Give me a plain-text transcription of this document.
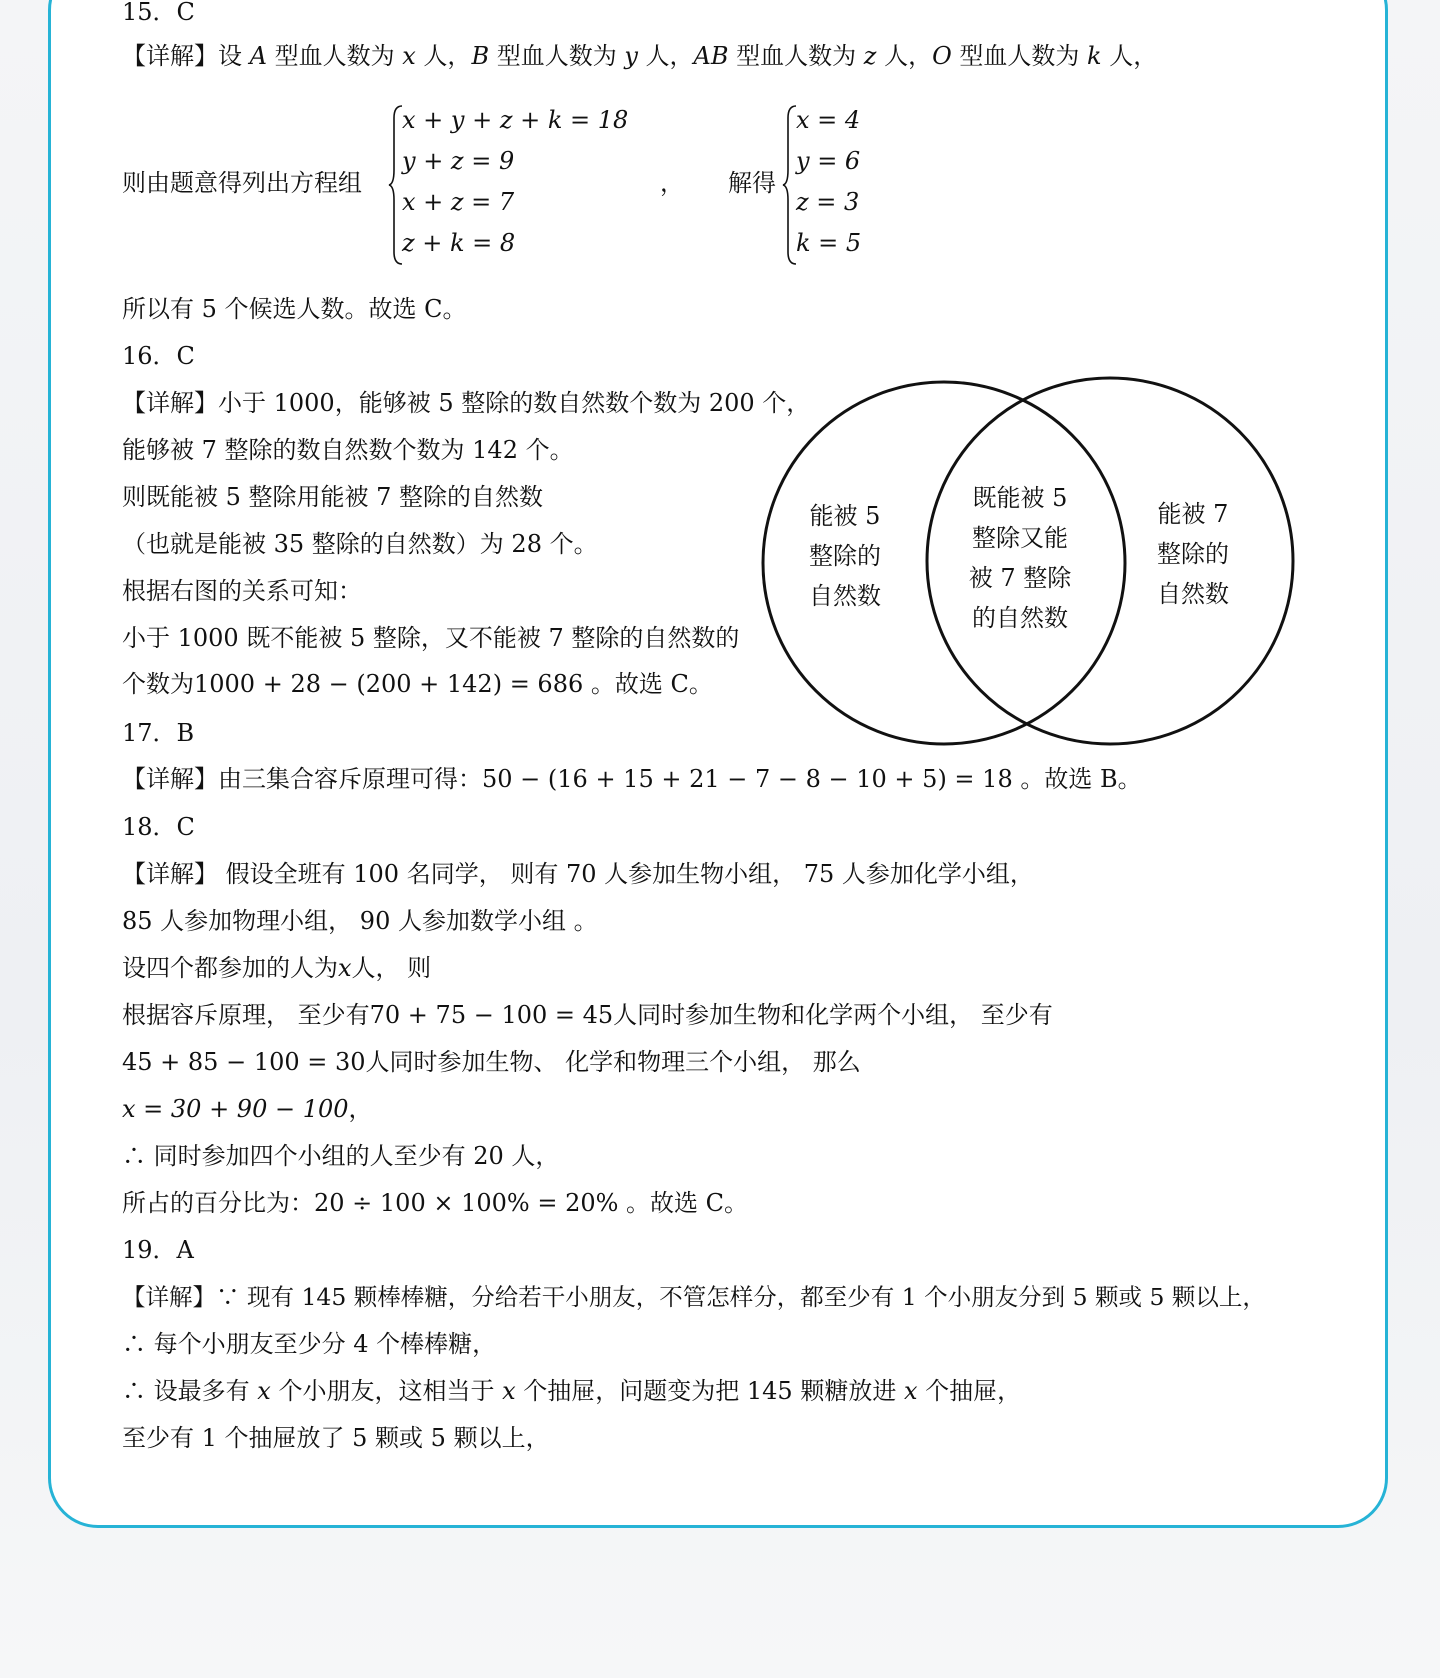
15．C
【详解】设 A 型血人数为 x 人，B 型血人数为 y 人，AB 型血人数为 z 人，O 型血人数为 k 人，
则由题意得列出方程组
x + y + z + k = 18
y + z = 9
x + z = 7
z + k = 8
， 解得
x = 4
y = 6
z = 3
k = 5
所以有 5 个候选人数。故选 C。
16．C
【详解】小于 1000，能够被 5 整除的数自然数个数为 200 个，
能够被 7 整除的数自然数个数为 142 个。
则既能被 5 整除用能被 7 整除的自然数
（也就是能被 35 整除的自然数）为 28 个。
根据右图的关系可知：
小于 1000 既不能被 5 整除，又不能被 7 整除的自然数的
个数为1000 + 28 − (200 + 142) = 686 。故选 C。
能被 5
整除的
自然数
既能被 5
整除又能
被 7 整除
的自然数
能被 7
整除的
自然数
17．B
【详解】由三集合容斥原理可得：50 − (16 + 15 + 21 − 7 − 8 − 10 + 5) = 18 。故选 B。
18．C
【详解】 假设全班有 100 名同学， 则有 70 人参加生物小组， 75 人参加化学小组，
85 人参加物理小组， 90 人参加数学小组 。
设四个都参加的人为x人， 则
根据容斥原理， 至少有70 + 75 − 100 = 45人同时参加生物和化学两个小组， 至少有
45 + 85 − 100 = 30人同时参加生物、 化学和物理三个小组， 那么
x = 30 + 90 − 100，
∴ 同时参加四个小组的人至少有 20 人，
所占的百分比为：20 ÷ 100 × 100% = 20% 。故选 C。
19．A
【详解】∵ 现有 145 颗棒棒糖，分给若干小朋友，不管怎样分，都至少有 1 个小朋友分到 5 颗或 5 颗以上，
∴ 每个小朋友至少分 4 个棒棒糖，
∴ 设最多有 x 个小朋友，这相当于 x 个抽屉，问题变为把 145 颗糖放进 x 个抽屉，
至少有 1 个抽屉放了 5 颗或 5 颗以上，
